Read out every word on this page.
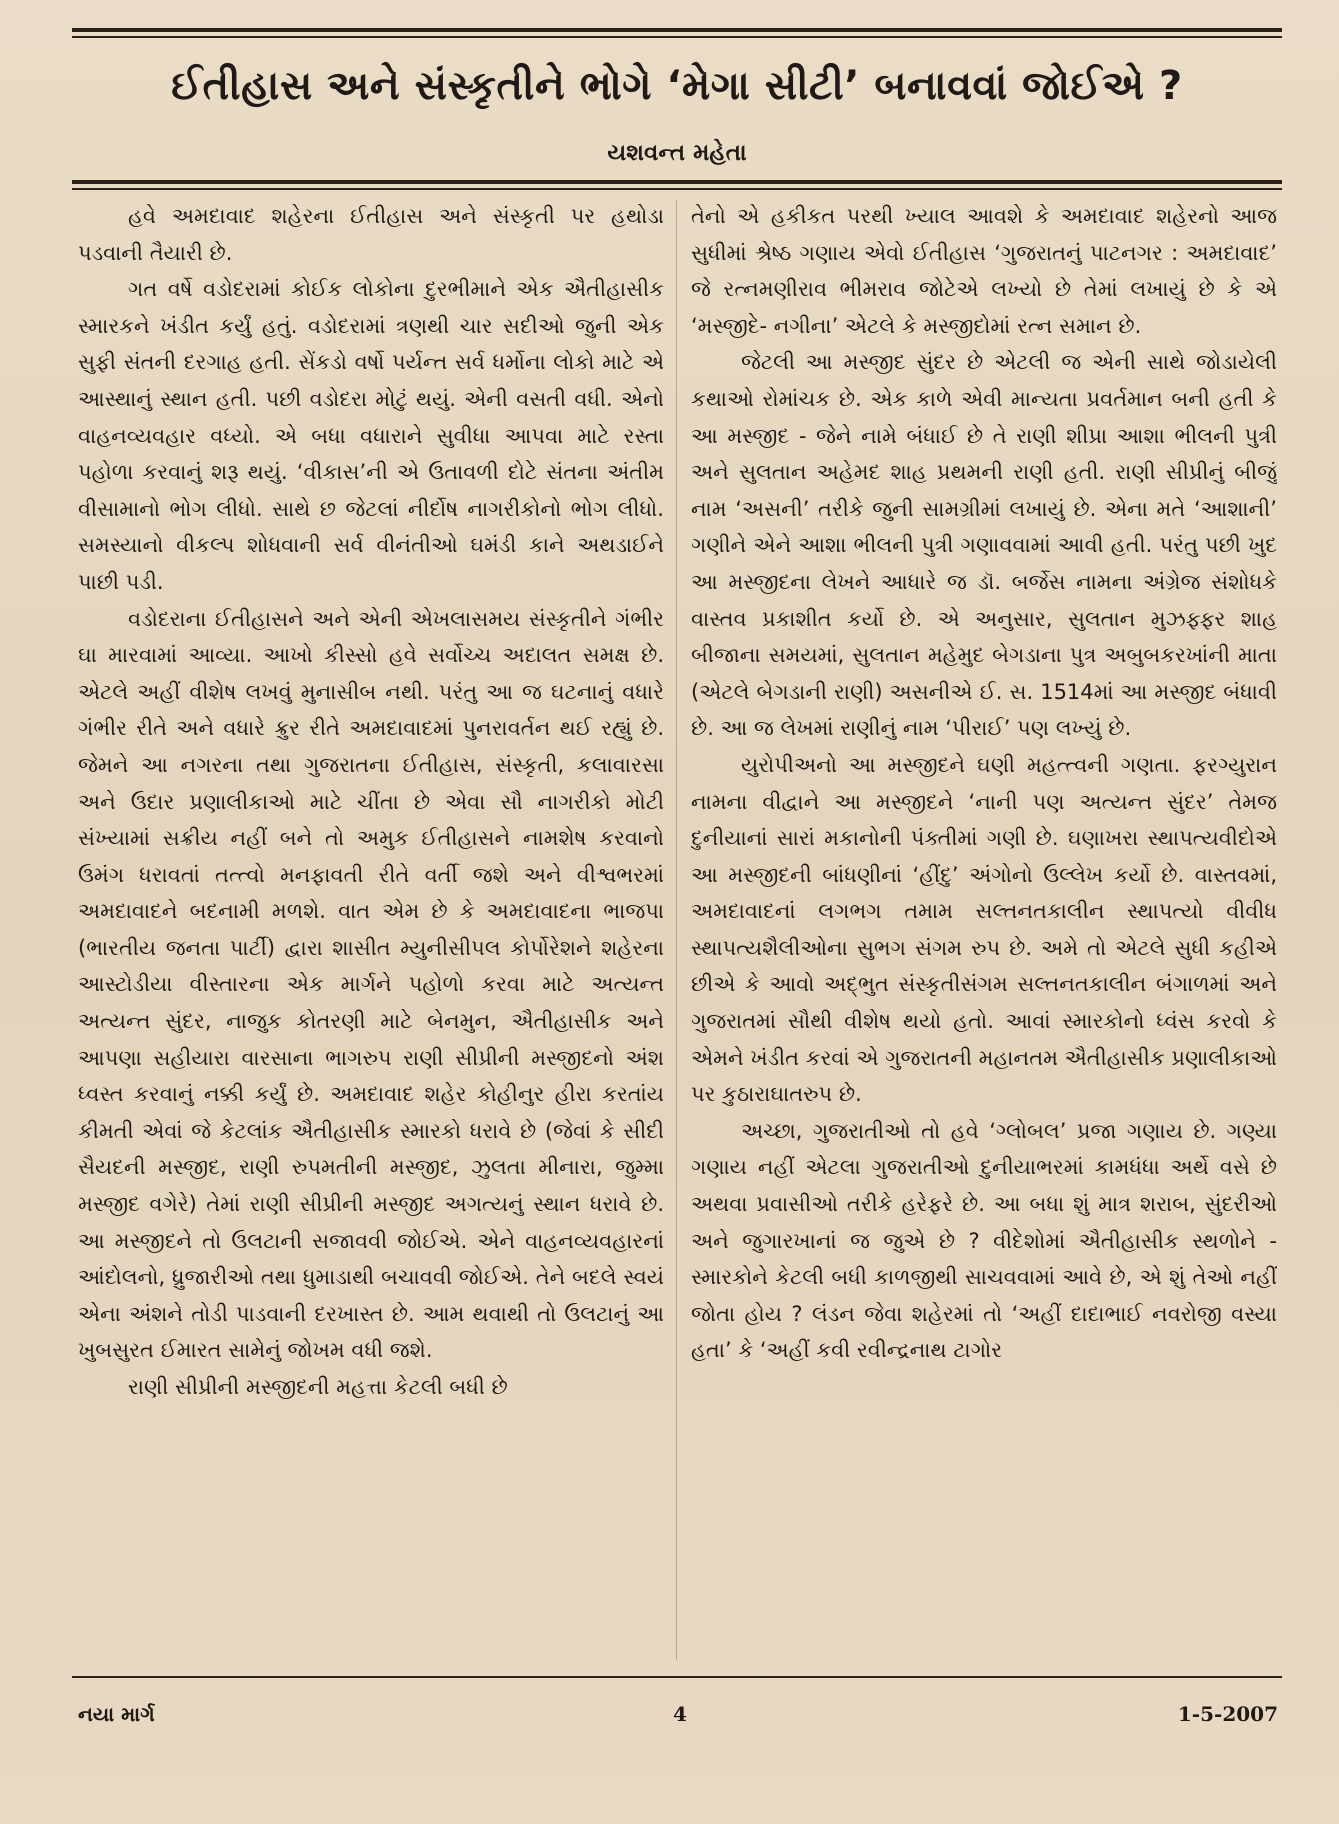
ઈતીહાસ અને સંસ્કૃતીને ભોગે ‘મેગા સીટી’ બનાવવાં જોઈએ ?
યશવન્ત મહેતા

હવે અમદાવાદ શહેરના ઈતીહાસ અને સંસ્કૃતી પર હથોડા પડવાની તૈયારી છે.

ગત વર્ષે વડોદરામાં કોઈક લોકોના દુરભીમાને એક ઐતીહાસીક સ્મારકને ખંડીત કર્યું હતું. વડોદરામાં ત્રણથી ચાર સદીઓ જુની એક સુફી સંતની દરગાહ હતી. સેંકડો વર્ષો પર્યન્ત સર્વ ધર્મોના લોકો માટે એ આસ્થાનું સ્થાન હતી. પછી વડોદરા મોટું થયું. એની વસતી વધી. એનો વાહનવ્યવહાર વધ્યો. એ બધા વધારાને સુવીધા આપવા માટે રસ્તા પહોળા કરવાનું શરૂ થયું. ‘વીકાસ’ની એ ઉતાવળી દોટે સંતના અંતીમ વીસામાનો ભોગ લીધો. સાથે છ જેટલાં નીર્દોષ નાગરીકોનો ભોગ લીધો. સમસ્યાનો વીકલ્પ શોધવાની સર્વ વીનંતીઓ ઘમંડી કાને અથડાઈને પાછી પડી.

વડોદરાના ઈતીહાસને અને એની એખલાસમય સંસ્કૃતીને ગંભીર ઘા મારવામાં આવ્યા. આખો કીસ્સો હવે સર્વોચ્ચ અદાલત સમક્ષ છે. એટલે અહીં વીશેષ લખવું મુનાસીબ નથી. પરંતુ આ જ ઘટનાનું વધારે ગંભીર રીતે અને વધારે ક્રુર રીતે અમદાવાદમાં પુનરાવર્તન થઈ રહ્યું છે. જેમને આ નગરના તથા ગુજરાતના ઈતીહાસ, સંસ્કૃતી, કલાવારસા અને ઉદાર પ્રણાલીકાઓ માટે ચીંતા છે એવા સૌ નાગરીકો મોટી સંખ્યામાં સક્રીય નહીં બને તો અમુક ઈતીહાસને નામશેષ કરવાનો ઉમંગ ધરાવતાં તત્ત્વો મનફાવતી રીતે વર્તી જશે અને વીશ્વભરમાં અમદાવાદને બદનામી મળશે. વાત એમ છે કે અમદાવાદના ભાજપા (ભારતીય જનતા પાર્ટી) દ્વારા શાસીત મ્યુનીસીપલ કોર્પોરેશને શહેરના આસ્ટોડીયા વીસ્તારના એક માર્ગને પહોળો કરવા માટે અત્યન્ત અત્યન્ત સુંદર, નાજુક કોતરણી માટે બેનમુન, ઐતીહાસીક અને આપણા સહીયારા વારસાના ભાગરુપ રાણી સીપ્રીની મસ્જીદનો અંશ ધ્વસ્ત કરવાનું નક્કી કર્યું છે. અમદાવાદ શહેર કોહીનુર હીરા કરતાંય કીમતી એવાં જે કેટલાંક ઐતીહાસીક સ્મારકો ધરાવે છે (જેવાં કે સીદી સૈયદની મસ્જીદ, રાણી રુપમતીની મસ્જીદ, ઝુલતા મીનારા, જુમ્મા મસ્જીદ વગેરે) તેમાં રાણી સીપ્રીની મસ્જીદ અગત્યનું સ્થાન ધરાવે છે. આ મસ્જીદને તો ઉલટાની સજાવવી જોઈએ. એને વાહનવ્યવહારનાં આંદોલનો, ધ્રુજારીઓ તથા ધુમાડાથી બચાવવી જોઈએ. તેને બદલે સ્વયં એના અંશને તોડી પાડવાની દરખાસ્ત છે. આમ થવાથી તો ઉલટાનું આ ખુબસુરત ઈમારત સામેનું જોખમ વધી જશે.

રાણી સીપ્રીની મસ્જીદની મહત્તા કેટલી બધી છે

તેનો એ હકીકત પરથી ખ્યાલ આવશે કે અમદાવાદ શહેરનો આજ સુધીમાં શ્રેષ્ઠ ગણાય એવો ઈતીહાસ ‘ગુજરાતનું પાટનગર : અમદાવાદ’ જે રત્નમણીરાવ ભીમરાવ જોટેએ લખ્યો છે તેમાં લખાયું છે કે એ ‘મસ્જીદે- નગીના’ એટલે કે મસ્જીદોમાં રત્ન સમાન છે.

જેટલી આ મસ્જીદ સુંદર છે એટલી જ એની સાથે જોડાયેલી કથાઓ રોમાંચક છે. એક કાળે એવી માન્યતા પ્રવર્તમાન બની હતી કે આ મસ્જીદ - જેને નામે બંધાઈ છે તે રાણી શીપ્રા આશા ભીલની પુત્રી અને સુલતાન અહેમદ શાહ પ્રથમની રાણી હતી. રાણી સીપ્રીનું બીજું નામ ‘અસની’ તરીકે જુની સામગ્રીમાં લખાયું છે. એના મતે ‘આશાની’ ગણીને એને આશા ભીલની પુત્રી ગણાવવામાં આવી હતી. પરંતુ પછી ખુદ આ મસ્જીદના લેખને આધારે જ ડૉ. બર્જેસ નામના અંગ્રેજ સંશોધકે વાસ્તવ પ્રકાશીત કર્યો છે. એ અનુસાર, સુલતાન મુઝફ્ફર શાહ બીજાના સમયમાં, સુલતાન મહેમુદ બેગડાના પુત્ર અબુબકરખાંની માતા (એટલે બેગડાની રાણી) અસનીએ ઈ. સ. 1514માં આ મસ્જીદ બંધાવી છે. આ જ લેખમાં રાણીનું નામ ‘પીરાઈ’ પણ લખ્યું છે.

યુરોપીઅનો આ મસ્જીદને ઘણી મહત્ત્વની ગણતા. ફરગ્યુરાન નામના વીદ્વાને આ મસ્જીદને ‘નાની પણ અત્યન્ત સુંદર’ તેમજ દુનીયાનાં સારાં મકાનોની પંક્તીમાં ગણી છે. ઘણાખરા સ્થાપત્યવીદોએ આ મસ્જીદની બાંધણીનાં ‘હીંદુ’ અંગોનો ઉલ્લેખ કર્યો છે. વાસ્તવમાં, અમદાવાદનાં લગભગ તમામ સલ્તનતકાલીન સ્થાપત્યો વીવીધ સ્થાપત્યશૈલીઓના સુભગ સંગમ રુપ છે. અમે તો એટલે સુધી કહીએ છીએ કે આવો અદ્‌ભુત સંસ્કૃતીસંગમ સલ્તનતકાલીન બંગાળમાં અને ગુજરાતમાં સૌથી વીશેષ થયો હતો. આવાં સ્મારકોનો ધ્વંસ કરવો કે એમને ખંડીત કરવાં એ ગુજરાતની મહાનતમ ઐતીહાસીક પ્રણાલીકાઓ પર કુઠારાઘાતરુપ છે.

અચ્છા, ગુજરાતીઓ તો હવે ‘ગ્લોબલ’ પ્રજા ગણાય છે. ગણ્યા ગણાય નહીં એટલા ગુજરાતીઓ દુનીયાભરમાં કામધંધા અર્થે વસે છે અથવા પ્રવાસીઓ તરીકે હરેફરે છે. આ બધા શું માત્ર શરાબ, સુંદરીઓ અને જુગારખાનાં જ જુએ છે ? વીદેશોમાં ઐતીહાસીક સ્થળોને - સ્મારકોને કેટલી બધી કાળજીથી સાચવવામાં આવે છે, એ શું તેઓ નહીં જોતા હોય ? લંડન જેવા શહેરમાં તો ‘અહીં દાદાભાઈ નવરોજી વસ્યા હતા’ કે ‘અહીં કવી રવીન્દ્રનાથ ટાગોર

નયા માર્ગ	4	1-5-2007
